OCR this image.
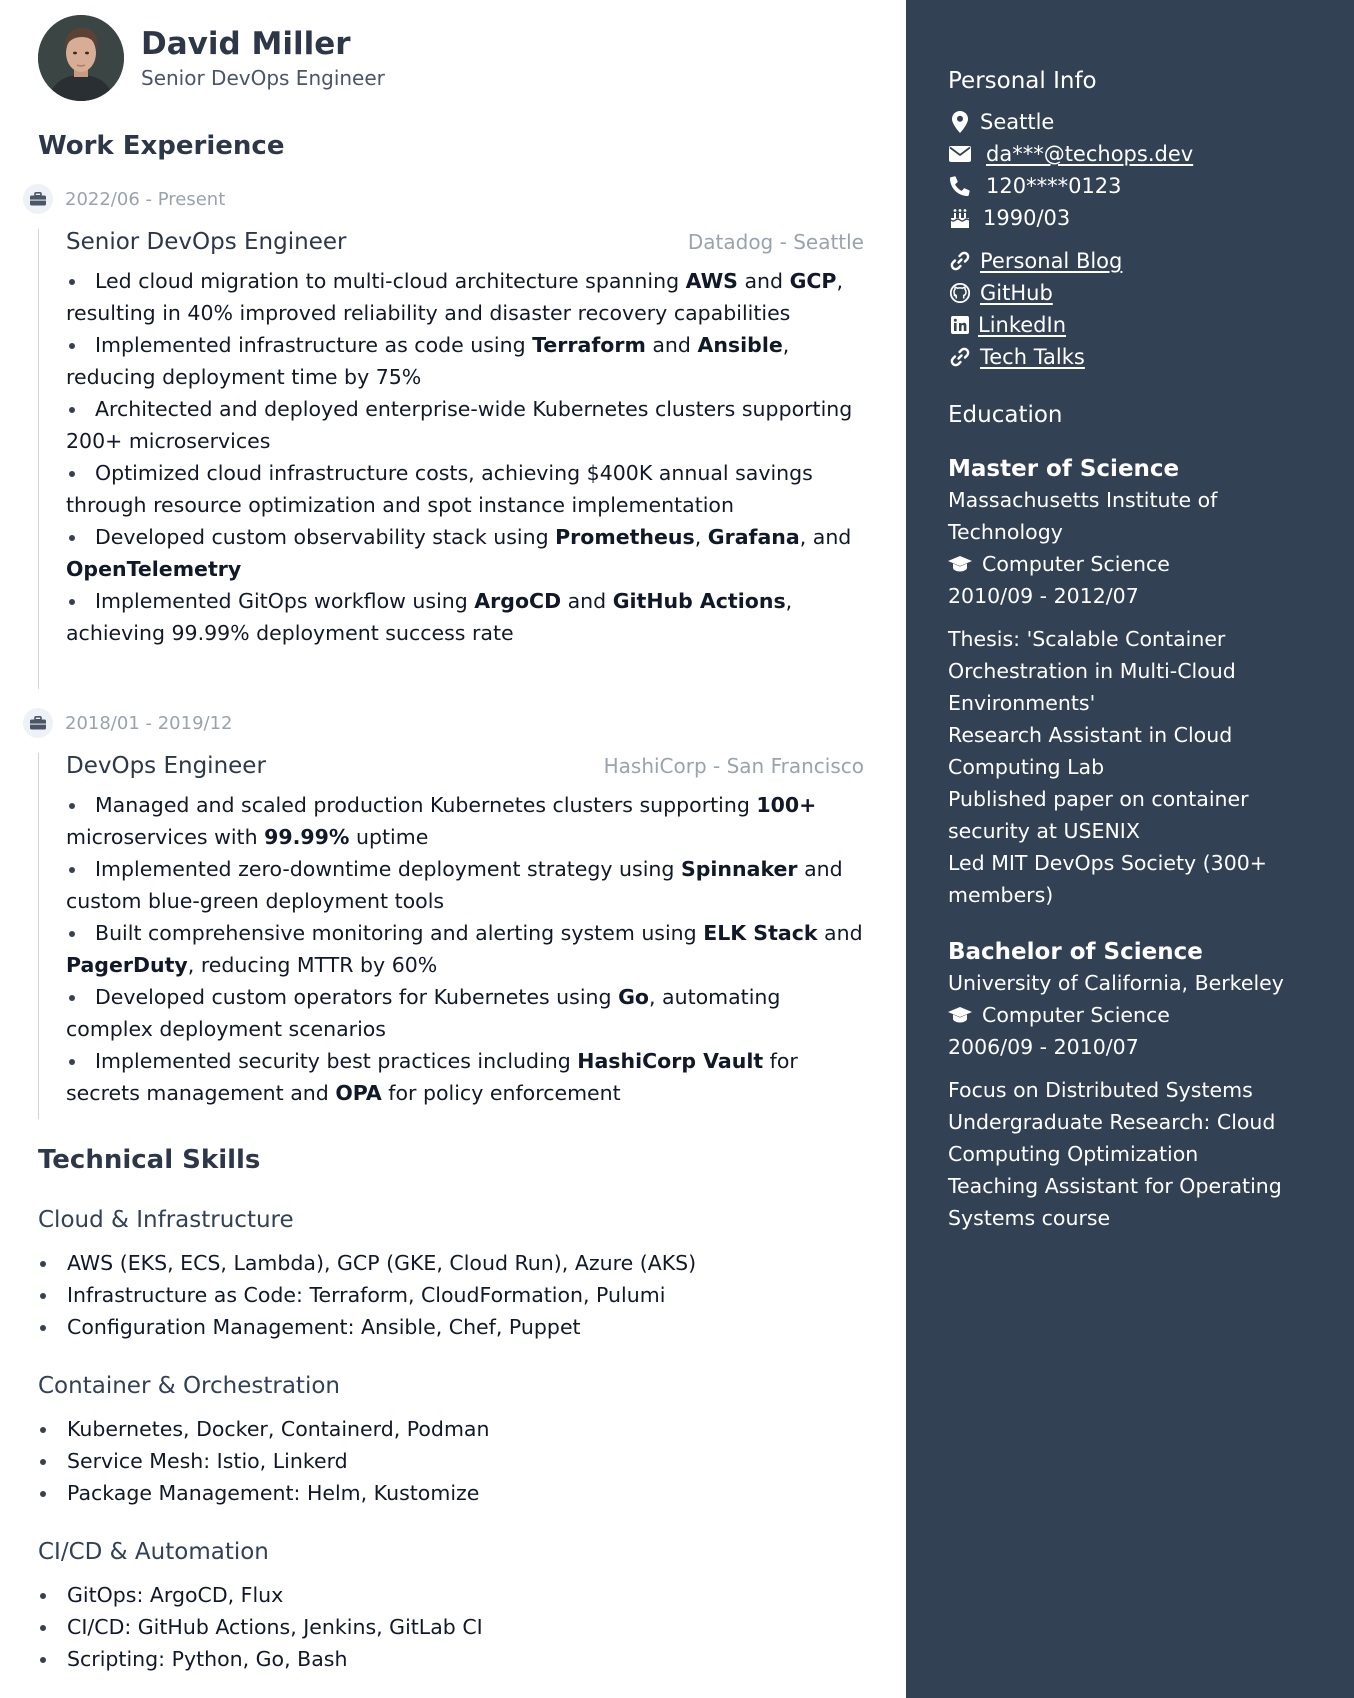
David Miller
Senior DevOps Engineer
Work Experience
2022/06 - Present
Senior DevOps Engineer	Datadog - Seattle
Led cloud migration to multi-cloud architecture spanning AWS and GCP, resulting in 40% improved reliability and disaster recovery capabilities
Implemented infrastructure as code using Terraform and Ansible, reducing deployment time by 75%
Architected and deployed enterprise-wide Kubernetes clusters supporting 200+ microservices
Optimized cloud infrastructure costs, achieving $400K annual savings through resource optimization and spot instance implementation
Developed custom observability stack using Prometheus, Grafana, and OpenTelemetry
Implemented GitOps workflow using ArgoCD and GitHub Actions, achieving 99.99% deployment success rate
2018/01 - 2019/12
DevOps Engineer	HashiCorp - San Francisco
Managed and scaled production Kubernetes clusters supporting 100+ microservices with 99.99% uptime
Implemented zero-downtime deployment strategy using Spinnaker and custom blue-green deployment tools
Built comprehensive monitoring and alerting system using ELK Stack and PagerDuty, reducing MTTR by 60%
Developed custom operators for Kubernetes using Go, automating complex deployment scenarios
Implemented security best practices including HashiCorp Vault for secrets management and OPA for policy enforcement
Technical Skills
Cloud & Infrastructure
AWS (EKS, ECS, Lambda), GCP (GKE, Cloud Run), Azure (AKS)
Infrastructure as Code: Terraform, CloudFormation, Pulumi
Configuration Management: Ansible, Chef, Puppet
Container & Orchestration
Kubernetes, Docker, Containerd, Podman
Service Mesh: Istio, Linkerd
Package Management: Helm, Kustomize
CI/CD & Automation
GitOps: ArgoCD, Flux
CI/CD: GitHub Actions, Jenkins, GitLab CI
Scripting: Python, Go, Bash
Personal Info
Seattle
da***@techops.dev
120****0123
1990/03
Personal Blog
GitHub
LinkedIn
Tech Talks
Education
Master of Science
Massachusetts Institute of Technology
Computer Science
2010/09 - 2012/07
Thesis: 'Scalable Container Orchestration in Multi-Cloud Environments'
Research Assistant in Cloud Computing Lab
Published paper on container security at USENIX
Led MIT DevOps Society (300+ members)
Bachelor of Science
University of California, Berkeley
Computer Science
2006/09 - 2010/07
Focus on Distributed Systems
Undergraduate Research: Cloud Computing Optimization
Teaching Assistant for Operating Systems course
